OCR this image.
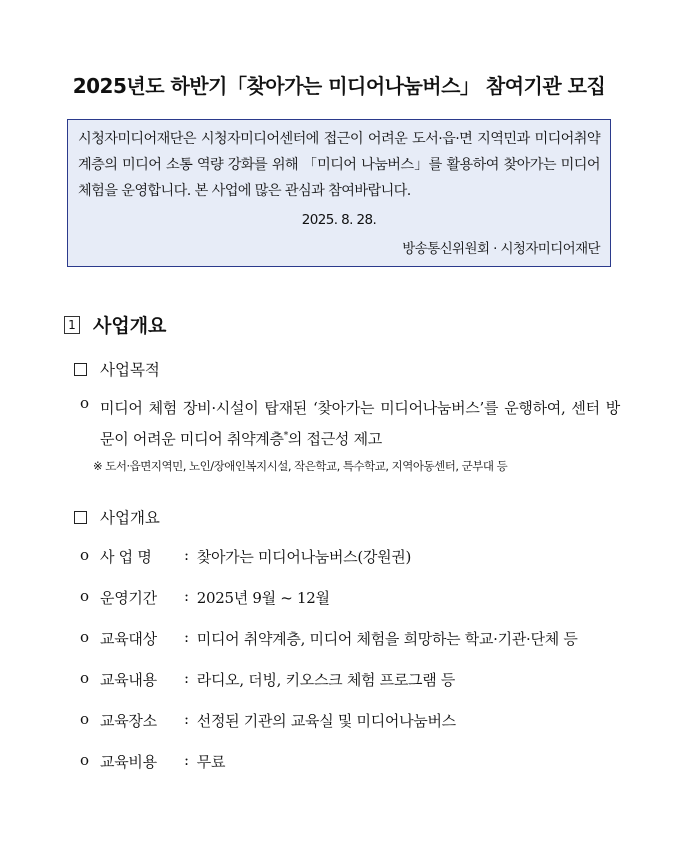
2025년도 하반기「찾아가는 미디어나눔버스」 참여기관 모집
시청자미디어재단은 시청자미디어센터에 접근이 어려운 도서·읍·면 지역민과 미디어취약계층의 미디어 소통 역량 강화를 위해 「미디어 나눔버스」를 활용하여 찾아가는 미디어체험을 운영합니다. 본 사업에 많은 관심과 참여바랍니다.
2025. 8. 28.
방송통신위원회 · 시청자미디어재단
1 사업개요
사업목적
o 미디어 체험 장비·시설이 탑재된 ‘찾아가는 미디어나눔버스’를 운행하여, 센터 방문이 어려운 미디어 취약계층*의 접근성 제고
※ 도서·읍면지역민, 노인/장애인복지시설, 작은학교, 특수학교, 지역아동센터, 군부대 등
사업개요
o 사 업 명	: 찾아가는 미디어나눔버스(강원권)
o 운영기간	: 2025년 9월 ~ 12월
o 교육대상	: 미디어 취약계층, 미디어 체험을 희망하는 학교·기관·단체 등
o 교육내용	: 라디오, 더빙, 키오스크 체험 프로그램 등
o 교육장소	: 선정된 기관의 교육실 및 미디어나눔버스
o 교육비용	: 무료
